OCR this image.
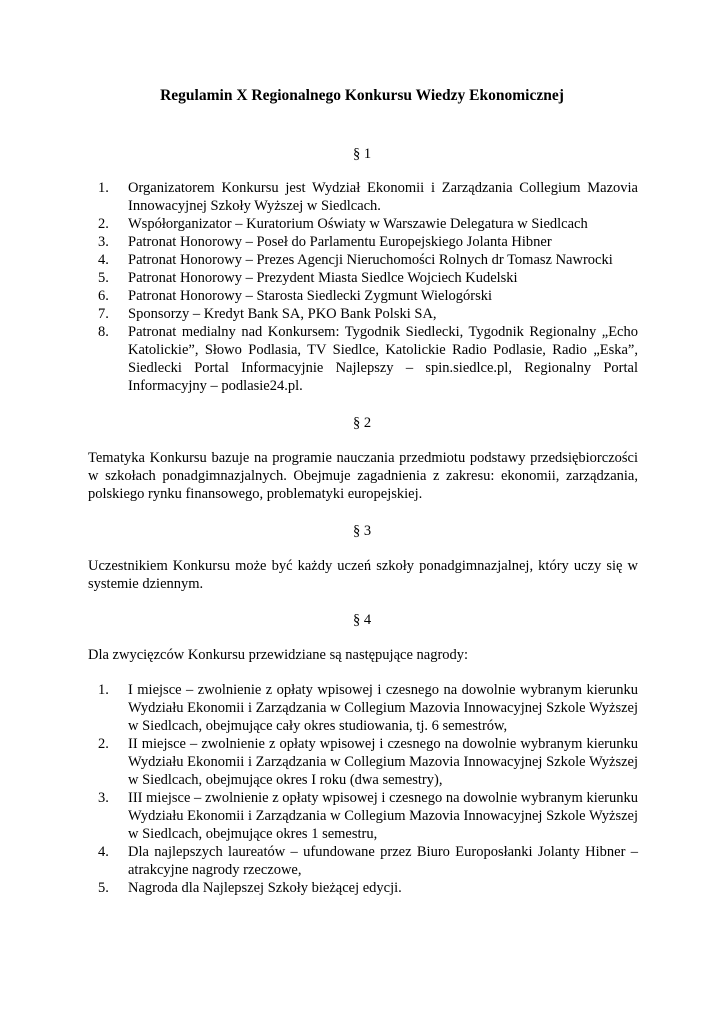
Regulamin X Regionalnego Konkursu Wiedzy Ekonomicznej
§ 1
1. Organizatorem Konkursu jest Wydział Ekonomii i Zarządzania Collegium Mazovia Innowacyjnej Szkoły Wyższej w Siedlcach.
2. Współorganizator – Kuratorium Oświaty w Warszawie Delegatura w Siedlcach
3. Patronat Honorowy – Poseł do Parlamentu Europejskiego Jolanta Hibner
4. Patronat Honorowy – Prezes Agencji Nieruchomości Rolnych dr Tomasz Nawrocki
5. Patronat Honorowy – Prezydent Miasta Siedlce Wojciech Kudelski
6. Patronat Honorowy – Starosta Siedlecki Zygmunt Wielogórski
7. Sponsorzy – Kredyt Bank SA, PKO Bank Polski SA,
8. Patronat medialny nad Konkursem: Tygodnik Siedlecki, Tygodnik Regionalny „Echo Katolickie”, Słowo Podlasia, TV Siedlce, Katolickie Radio Podlasie, Radio „Eska”, Siedlecki Portal Informacyjnie Najlepszy – spin.siedlce.pl, Regionalny Portal Informacyjny – podlasie24.pl.
§ 2

Tematyka Konkursu bazuje na programie nauczania przedmiotu podstawy przedsiębiorczości w szkołach ponadgimnazjalnych. Obejmuje zagadnienia z zakresu: ekonomii, zarządzania, polskiego rynku finansowego, problematyki europejskiej.

§ 3

Uczestnikiem Konkursu może być każdy uczeń szkoły ponadgimnazjalnej, który uczy się w systemie dziennym.

§ 4

Dla zwycięzców Konkursu przewidziane są następujące nagrody:

1. I miejsce – zwolnienie z opłaty wpisowej i czesnego na dowolnie wybranym kierunku Wydziału Ekonomii i Zarządzania w Collegium Mazovia Innowacyjnej Szkole Wyższej w Siedlcach, obejmujące cały okres studiowania, tj. 6 semestrów,
2. II miejsce – zwolnienie z opłaty wpisowej i czesnego na dowolnie wybranym kierunku Wydziału Ekonomii i Zarządzania w Collegium Mazovia Innowacyjnej Szkole Wyższej w Siedlcach, obejmujące okres I roku (dwa semestry),
3. III miejsce – zwolnienie z opłaty wpisowej i czesnego na dowolnie wybranym kierunku Wydziału Ekonomii i Zarządzania w Collegium Mazovia Innowacyjnej Szkole Wyższej w Siedlcach, obejmujące okres 1 semestru,
4. Dla najlepszych laureatów – ufundowane przez Biuro Europosłanki Jolanty Hibner – atrakcyjne nagrody rzeczowe,
5. Nagroda dla Najlepszej Szkoły bieżącej edycji.
